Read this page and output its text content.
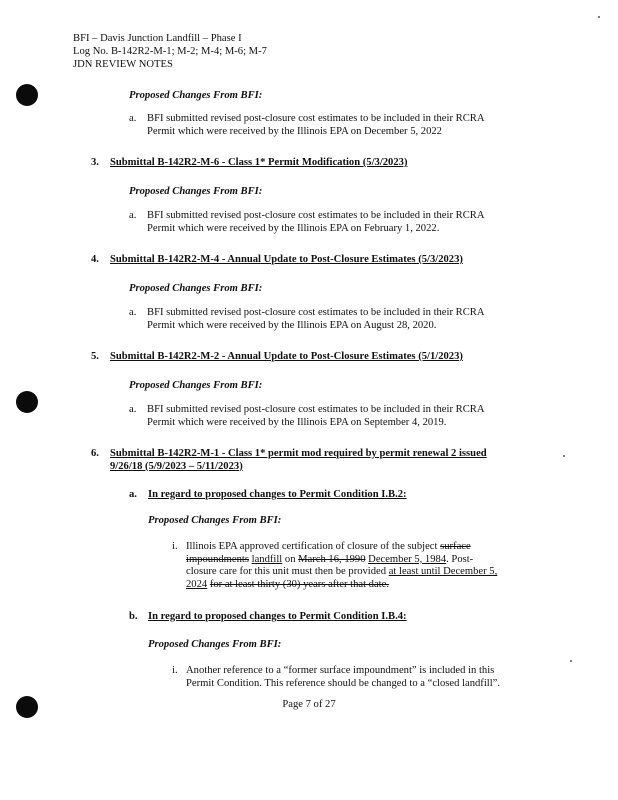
BFI – Davis Junction Landfill – Phase I
Log No. B-142R2-M-1; M-2; M-4; M-6; M-7
JDN REVIEW NOTES
Proposed Changes From BFI:
a. BFI submitted revised post-closure cost estimates to be included in their RCRA
Permit which were received by the Illinois EPA on December 5, 2022
3. Submittal B-142R2-M-6 - Class 1* Permit Modification (5/3/2023)
Proposed Changes From BFI:
a. BFI submitted revised post-closure cost estimates to be included in their RCRA
Permit which were received by the Illinois EPA on February 1, 2022.
4. Submittal B-142R2-M-4 - Annual Update to Post-Closure Estimates (5/3/2023)
Proposed Changes From BFI:
a. BFI submitted revised post-closure cost estimates to be included in their RCRA
Permit which were received by the Illinois EPA on August 28, 2020.
5. Submittal B-142R2-M-2 - Annual Update to Post-Closure Estimates (5/1/2023)
Proposed Changes From BFI:
a. BFI submitted revised post-closure cost estimates to be included in their RCRA
Permit which were received by the Illinois EPA on September 4, 2019.
6. Submittal B-142R2-M-1 - Class 1* permit mod required by permit renewal 2 issued
9/26/18 (5/9/2023 – 5/11/2023)
a. In regard to proposed changes to Permit Condition I.B.2:
Proposed Changes From BFI:
i. Illinois EPA approved certification of closure of the subject surface
impoundments landfill on March 16, 1990 December 5, 1984. Post-
closure care for this unit must then be provided at least until December 5,
2024 for at least thirty (30) years after that date.
b. In regard to proposed changes to Permit Condition I.B.4:
Proposed Changes From BFI:
i. Another reference to a “former surface impoundment” is included in this
Permit Condition. This reference should be changed to a “closed landfill”.
Page 7 of 27
